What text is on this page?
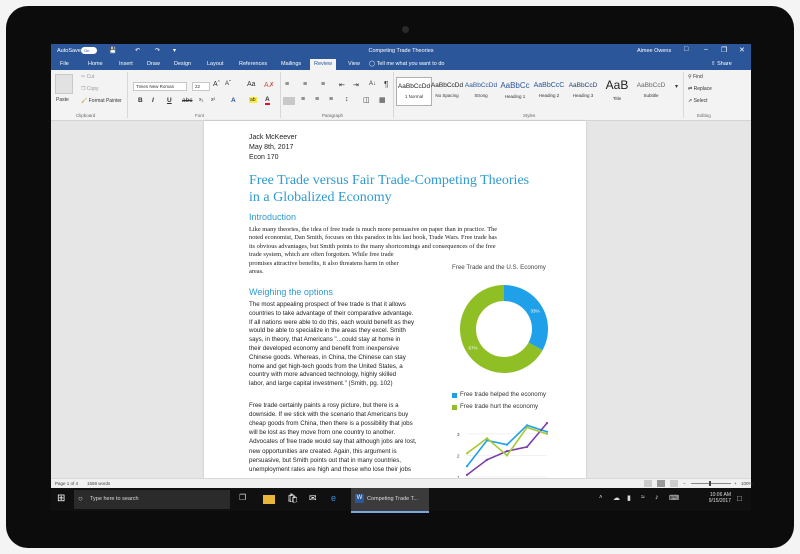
AutoSave On	💾	↶ ↷ ▾	Competing Trade Theories	Aimee Owens □ – ❐ ✕
File	Home	Insert	Draw	Design	Layout	References	Mailings	Review	View ◯ Tell me what you want to do	⇧ Share
Paste
✂ Cut
❐ Copy
🖌 Format Painter
Clipboard
Times New Roman	22	Aˆ Aˇ Aa A✗
B I U abc x₂ x² A	ab A
Font
≡ ≡ ≡ ⇤ ⇥ A↓ ¶
≡ ≡ ≡ ↕ ◫ ▦
Paragraph
AaBbCcDd
1 Normal
AaBbCcDd
No Spacing
AaBbCcDd
Strong
AaBbCc
Heading 1
AaBbCcC
Heading 2
AaBbCcD
Heading 3
AaB
Title
AaBbCcD
Subtitle
▾
Styles
⚲ Find
⇄ Replace
⇗ Select
Editing
Jack McKeever
May 8th, 2017
Econ 170
Free Trade versus Fair Trade-Competing Theories
in a Globalized Economy
Introduction
Like many theories, the idea of free trade is much more persuasive on paper than in practice. The
noted economist, Dan Smith, focuses on this paradox in his last book, Trade Wars. Free trade has
its obvious advantages, but Smith points to the many shortcomings and consequences of the free
trade system, which are often forgotten. While free trade
promises attractive benefits, it also threatens harm in other
areas.
Weighing the options
The most appealing prospect of free trade is that it allows
countries to take advantage of their comparative advantage.
If all nations were able to do this, each would benefit as they
would be able to specialize in the areas they excel. Smith
says, in theory, that Americans "...could stay at home in
their developed economy and benefit from inexpensive
Chinese goods. Whereas, in China, the Chinese can stay
home and get high-tech goods from the United States, a
country with more advanced technology, highly skilled
labor, and large capital investment." (Smith, pg. 102)
Free trade certainly paints a rosy picture, but there is a
downside. If we stick with the scenario that Americans buy
cheap goods from China, then there is a possibility that jobs
will be lost as they move from one country to another.
Advocates of free trade would say that although jobs are lost,
new opportunities are created. Again, this argument is
persuasive, but Smith points out that in many countries,
unemployment rates are high and those who lose their jobs
Free Trade and the U.S. Economy
33%
67%
Free trade helped the economy
Free trade hurt the economy
2
3
Page 1 of 4 1558 words	–	+ 100%
⊞ ○ Type here to search	❐	🛍 ✉	e	W Competing Trade T...	˄ ☁ ▮ ≈ ♪ ⌨	10:06 AM
9/15/2017 □
